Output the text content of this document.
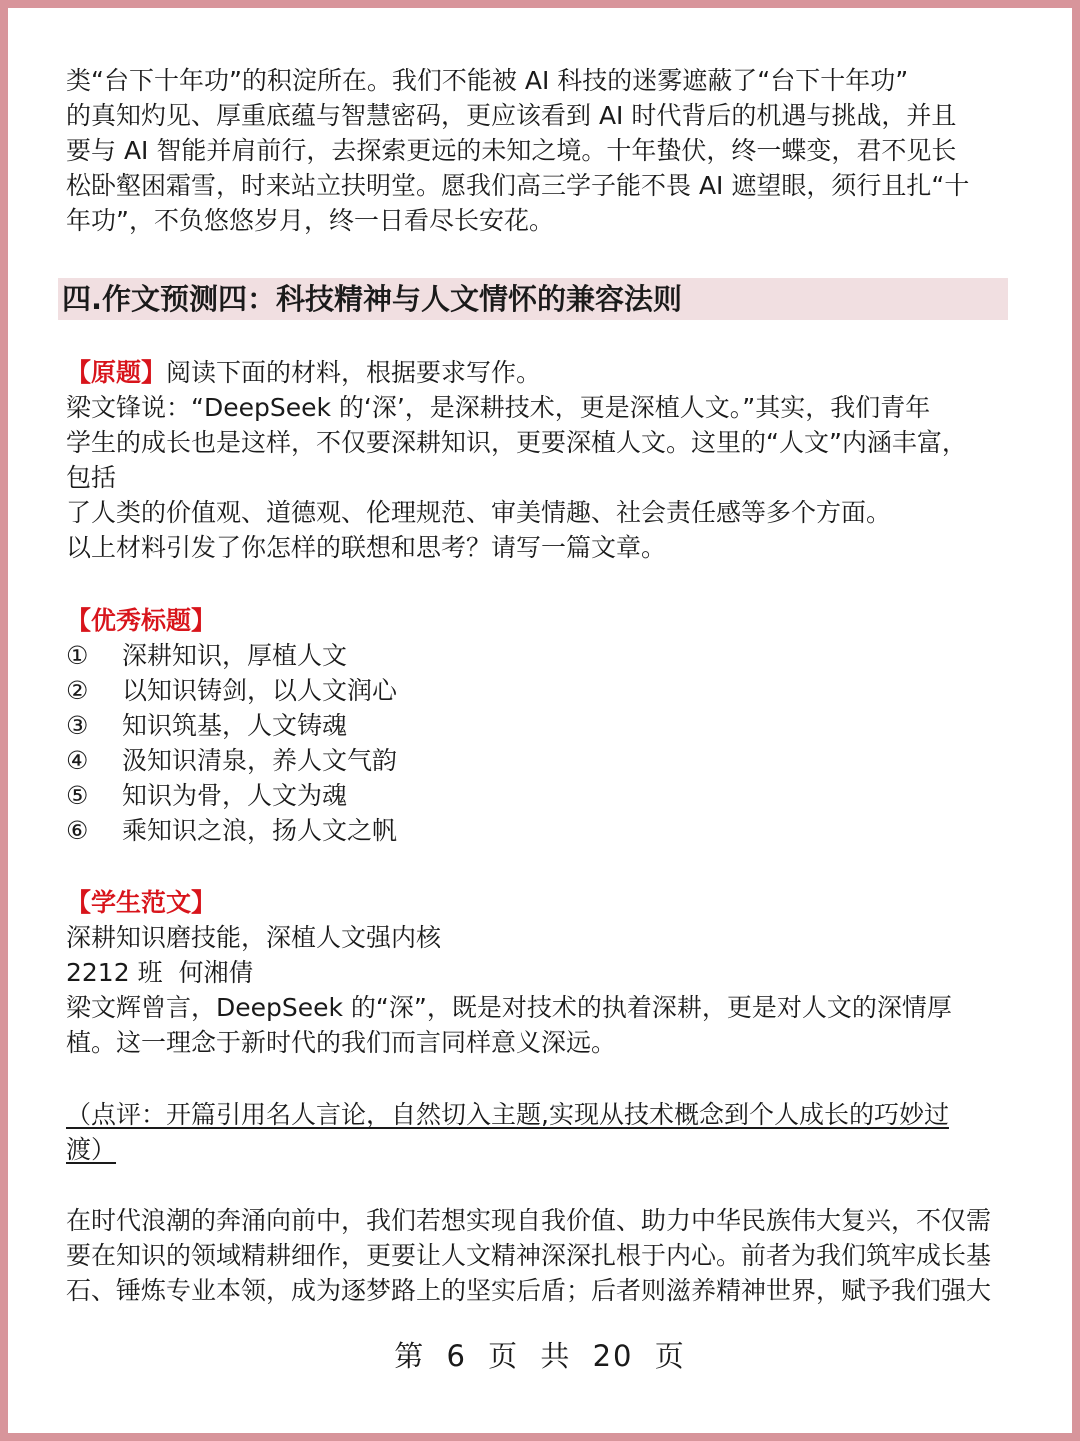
类“台下十年功”的积淀所在。我们不能被 AI 科技的迷雾遮蔽了“台下十年功”
的真知灼见、厚重底蕴与智慧密码，更应该看到 AI 时代背后的机遇与挑战，并且
要与 AI 智能并肩前行，去探索更远的未知之境。十年蛰伏，终一蝶变，君不见长
松卧壑困霜雪，时来站立扶明堂。愿我们高三学子能不畏 AI 遮望眼，须行且扎“十
年功”，不负悠悠岁月，终一日看尽长安花。
四.作文预测四：科技精神与人文情怀的兼容法则
【原题】阅读下面的材料，根据要求写作。
梁文锋说：“DeepSeek 的‘深’，是深耕技术，更是深植人文。”其实，我们青年
学生的成长也是这样，不仅要深耕知识，更要深植人文。这里的“人文”内涵丰富，
包括
了人类的价值观、道德观、伦理规范、审美情趣、社会责任感等多个方面。
以上材料引发了你怎样的联想和思考？请写一篇文章。
【优秀标题】
① 深耕知识，厚植人文
② 以知识铸剑，以人文润心
③ 知识筑基，人文铸魂
④ 汲知识清泉，养人文气韵
⑤ 知识为骨，人文为魂
⑥ 乘知识之浪，扬人文之帆
【学生范文】
深耕知识磨技能，深植人文强内核
2212 班  何湘倩
梁文辉曾言，DeepSeek 的“深”，既是对技术的执着深耕，更是对人文的深情厚
植。这一理念于新时代的我们而言同样意义深远。
（点评：开篇引用名人言论，自然切入主题,实现从技术概念到个人成长的巧妙过
渡）
在时代浪潮的奔涌向前中，我们若想实现自我价值、助力中华民族伟大复兴，不仅需
要在知识的领域精耕细作，更要让人文精神深深扎根于内心。前者为我们筑牢成长基
石、锤炼专业本领，成为逐梦路上的坚实后盾；后者则滋养精神世界，赋予我们强大
第 6 页 共 20 页
